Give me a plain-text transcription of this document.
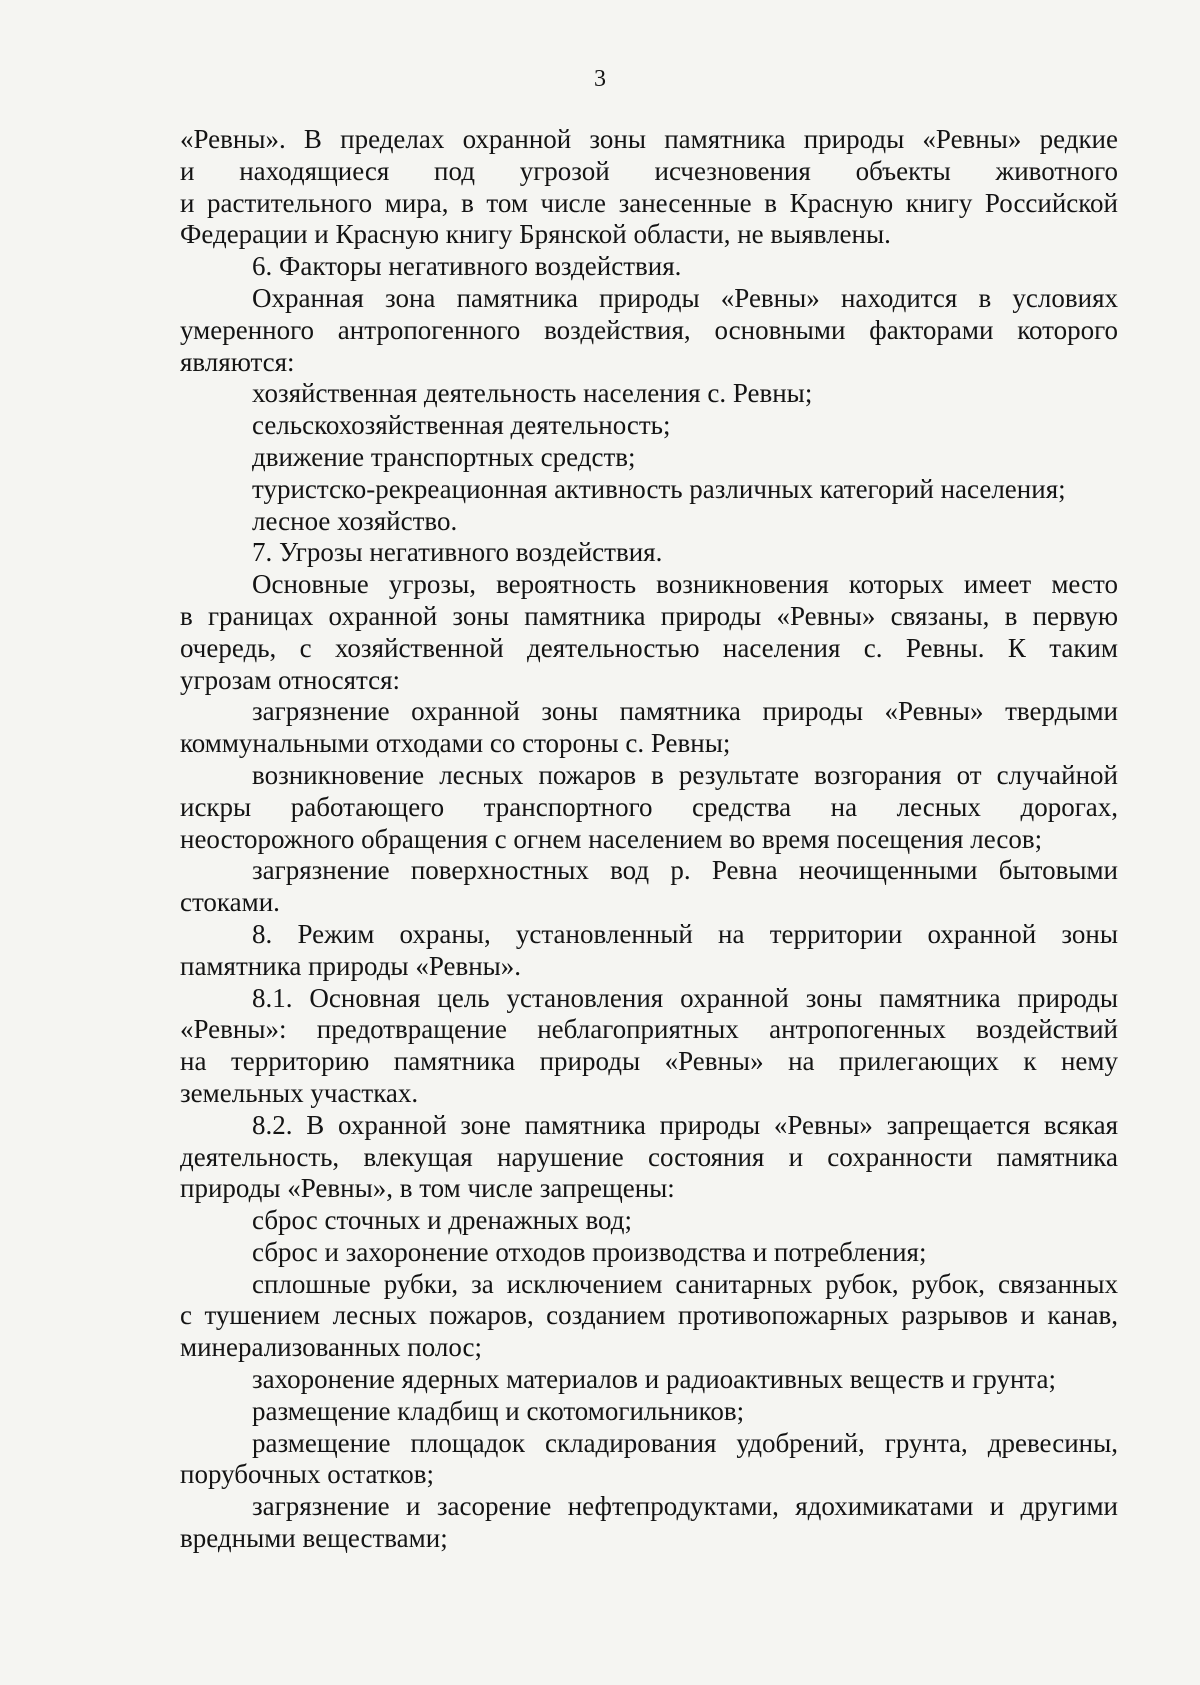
3
«Ревны». В пределах охранной зоны памятника природы «Ревны» редкие
и находящиеся под угрозой исчезновения объекты животного
и растительного мира, в том числе занесенные в Красную книгу Российской
Федерации и Красную книгу Брянской области, не выявлены.
6. Факторы негативного воздействия.
Охранная зона памятника природы «Ревны» находится в условиях
умеренного антропогенного воздействия, основными факторами которого
являются:
хозяйственная деятельность населения с. Ревны;
сельскохозяйственная деятельность;
движение транспортных средств;
туристско-рекреационная активность различных категорий населения;
лесное хозяйство.
7. Угрозы негативного воздействия.
Основные угрозы, вероятность возникновения которых имеет место
в границах охранной зоны памятника природы «Ревны» связаны, в первую
очередь, с хозяйственной деятельностью населения с. Ревны. К таким
угрозам относятся:
загрязнение охранной зоны памятника природы «Ревны» твердыми
коммунальными отходами со стороны с. Ревны;
возникновение лесных пожаров в результате возгорания от случайной
искры работающего транспортного средства на лесных дорогах,
неосторожного обращения с огнем населением во время посещения лесов;
загрязнение поверхностных вод р. Ревна неочищенными бытовыми
стоками.
8. Режим охраны, установленный на территории охранной зоны
памятника природы «Ревны».
8.1. Основная цель установления охранной зоны памятника природы
«Ревны»: предотвращение неблагоприятных антропогенных воздействий
на территорию памятника природы «Ревны» на прилегающих к нему
земельных участках.
8.2. В охранной зоне памятника природы «Ревны» запрещается всякая
деятельность, влекущая нарушение состояния и сохранности памятника
природы «Ревны», в том числе запрещены:
сброс сточных и дренажных вод;
сброс и захоронение отходов производства и потребления;
сплошные рубки, за исключением санитарных рубок, рубок, связанных
с тушением лесных пожаров, созданием противопожарных разрывов и канав,
минерализованных полос;
захоронение ядерных материалов и радиоактивных веществ и грунта;
размещение кладбищ и скотомогильников;
размещение площадок складирования удобрений, грунта, древесины,
порубочных остатков;
загрязнение и засорение нефтепродуктами, ядохимикатами и другими
вредными веществами;
